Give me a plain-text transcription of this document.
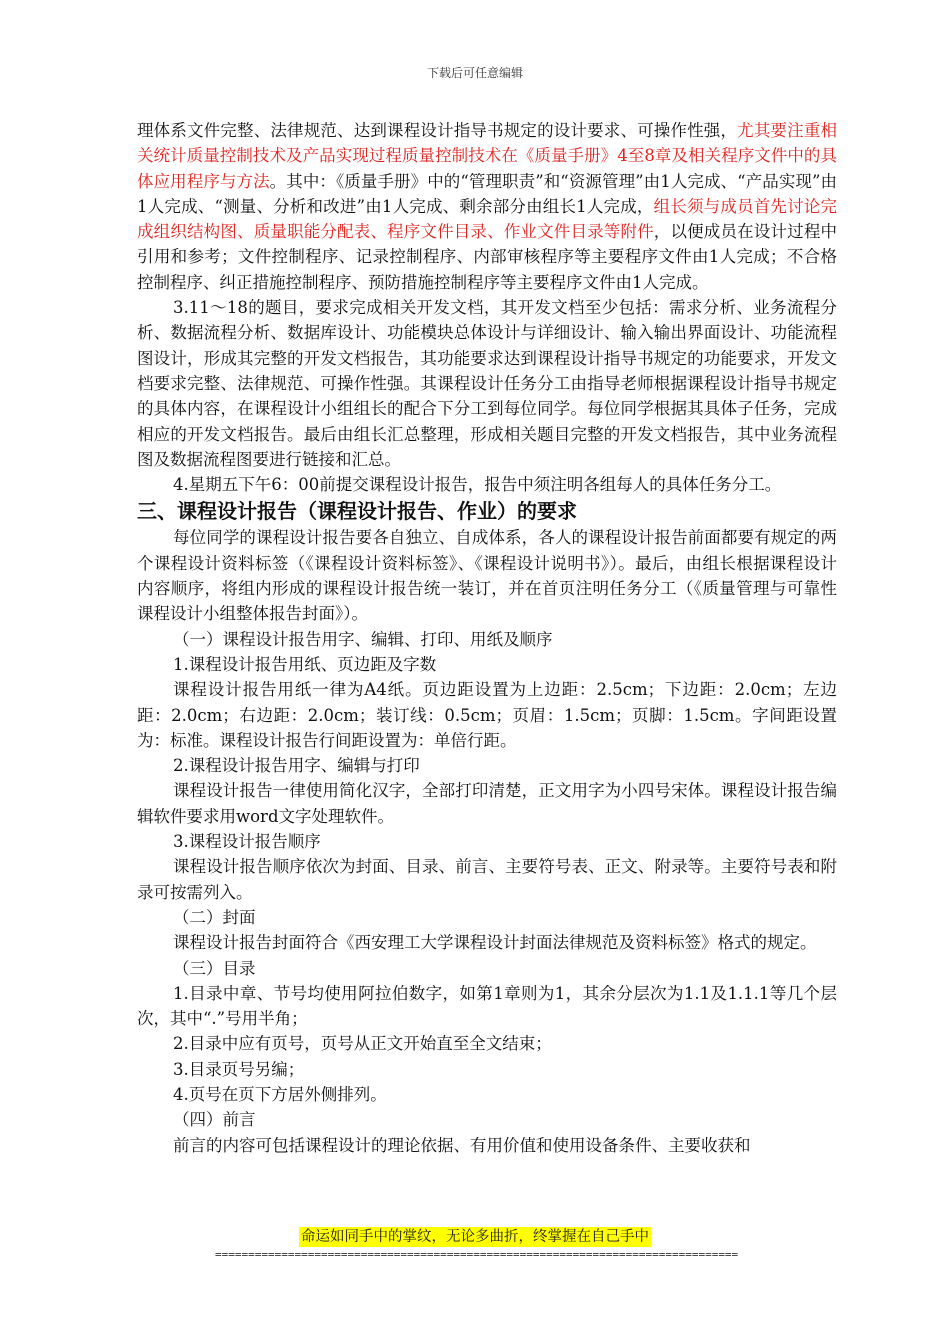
下载后可任意编辑

理体系文件完整、法律规范、达到课程设计指导书规定的设计要求、可操作性强，尤其要注重相关统计质量控制技术及产品实现过程质量控制技术在《质量手册》4至8章及相关程序文件中的具体应用程序与方法。其中：《质量手册》中的“管理职责”和“资源管理”由1人完成、“产品实现”由1人完成、“测量、分析和改进”由1人完成、剩余部分由组长1人完成，组长须与成员首先讨论完成组织结构图、质量职能分配表、程序文件目录、作业文件目录等附件，以便成员在设计过程中引用和参考；文件控制程序、记录控制程序、内部审核程序等主要程序文件由1人完成；不合格控制程序、纠正措施控制程序、预防措施控制程序等主要程序文件由1人完成。

3.11～18的题目，要求完成相关开发文档，其开发文档至少包括：需求分析、业务流程分析、数据流程分析、数据库设计、功能模块总体设计与详细设计、输入输出界面设计、功能流程图设计，形成其完整的开发文档报告，其功能要求达到课程设计指导书规定的功能要求，开发文档要求完整、法律规范、可操作性强。其课程设计任务分工由指导老师根据课程设计指导书规定的具体内容，在课程设计小组组长的配合下分工到每位同学。每位同学根据其具体子任务，完成相应的开发文档报告。最后由组长汇总整理，形成相关题目完整的开发文档报告，其中业务流程图及数据流程图要进行链接和汇总。

4.星期五下午6：00前提交课程设计报告，报告中须注明各组每人的具体任务分工。

三、课程设计报告（课程设计报告、作业）的要求

每位同学的课程设计报告要各自独立、自成体系，各人的课程设计报告前面都要有规定的两个课程设计资料标签（《课程设计资料标签》、《课程设计说明书》）。最后，由组长根据课程设计内容顺序，将组内形成的课程设计报告统一装订，并在首页注明任务分工（《质量管理与可靠性课程设计小组整体报告封面》）。

（一）课程设计报告用字、编辑、打印、用纸及顺序

1.课程设计报告用纸、页边距及字数

课程设计报告用纸一律为A4纸。页边距设置为上边距：2.5cm；下边距：2.0cm；左边距：2.0cm；右边距：2.0cm；装订线：0.5cm；页眉：1.5cm；页脚：1.5cm。字间距设置为：标准。课程设计报告行间距设置为：单倍行距。

2.课程设计报告用字、编辑与打印

课程设计报告一律使用简化汉字，全部打印清楚，正文用字为小四号宋体。课程设计报告编辑软件要求用word文字处理软件。

3.课程设计报告顺序

课程设计报告顺序依次为封面、目录、前言、主要符号表、正文、附录等。主要符号表和附录可按需列入。

（二）封面

课程设计报告封面符合《西安理工大学课程设计封面法律规范及资料标签》格式的规定。

（三）目录

1.目录中章、节号均使用阿拉伯数字，如第1章则为1，其余分层次为1.1及1.1.1等几个层次，其中“.”号用半角；

2.目录中应有页号，页号从正文开始直至全文结束；

3.目录页号另编；

4.页号在页下方居外侧排列。

（四）前言

前言的内容可包括课程设计的理论依据、有用价值和使用设备条件、主要收获和

命运如同手中的掌纹，无论多曲折，终掌握在自己手中
===============================================================================
